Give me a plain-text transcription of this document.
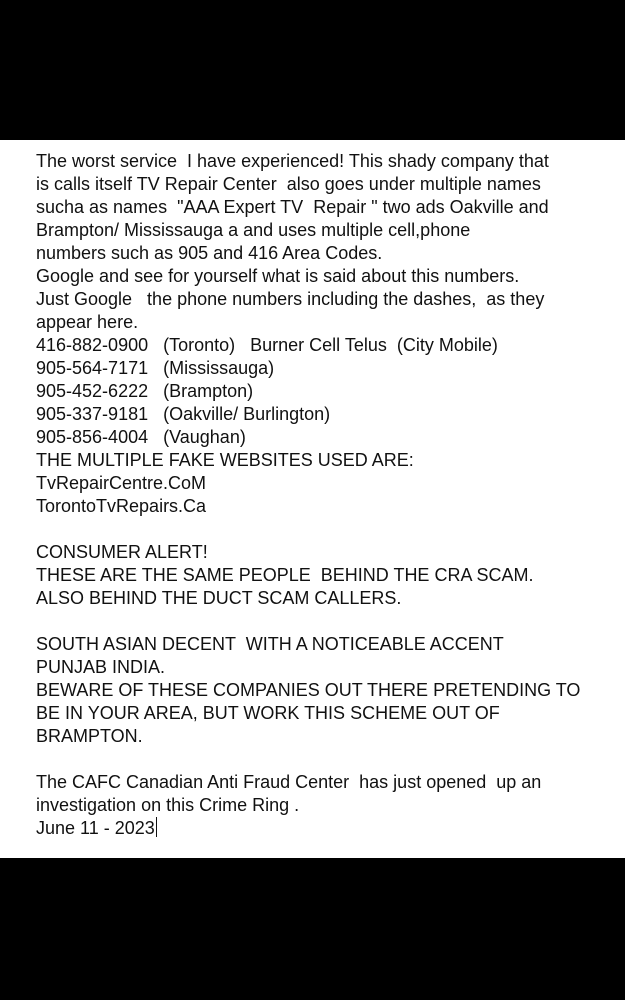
The worst service  I have experienced! This shady company that
is calls itself TV Repair Center  also goes under multiple names
sucha as names  "AAA Expert TV  Repair " two ads Oakville and
Brampton/ Mississauga a and uses multiple cell,phone
numbers such as 905 and 416 Area Codes.
Google and see for yourself what is said about this numbers.
Just Google   the phone numbers including the dashes,  as they
appear here.
416-882-0900   (Toronto)   Burner Cell Telus  (City Mobile)
905-564-7171   (Mississauga)
905-452-6222   (Brampton)
905-337-9181   (Oakville/ Burlington)
905-856-4004   (Vaughan)
THE MULTIPLE FAKE WEBSITES USED ARE:
TvRepairCentre.CoM
TorontoTvRepairs.Ca
CONSUMER ALERT!
THESE ARE THE SAME PEOPLE  BEHIND THE CRA SCAM.
ALSO BEHIND THE DUCT SCAM CALLERS.
SOUTH ASIAN DECENT  WITH A NOTICEABLE ACCENT
PUNJAB INDIA.
BEWARE OF THESE COMPANIES OUT THERE PRETENDING TO
BE IN YOUR AREA, BUT WORK THIS SCHEME OUT OF
BRAMPTON.
The CAFC Canadian Anti Fraud Center  has just opened  up an
investigation on this Crime Ring .
June 11 - 2023
